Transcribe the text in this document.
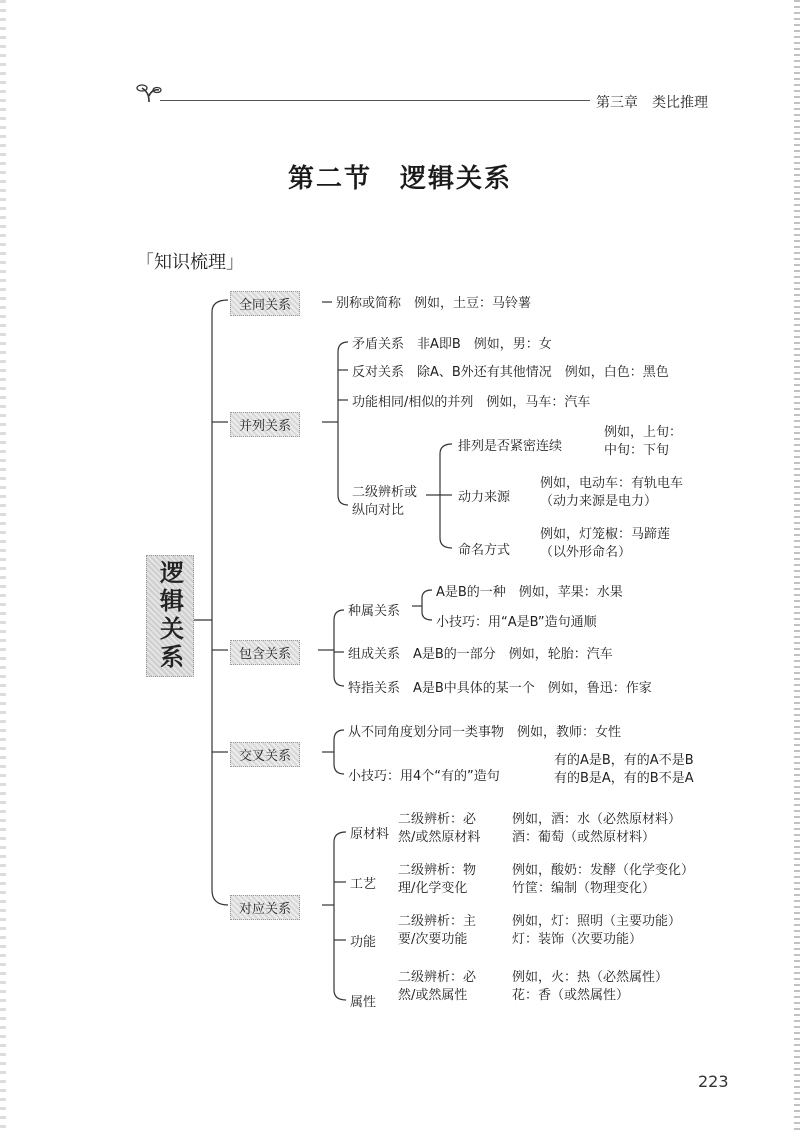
第三章　类比推理
第二节　逻辑关系
「知识梳理」
逻辑关系
全同关系	别称或简称　例如，土豆：马铃薯
并列关系
矛盾关系　非A即B　例如，男：女
反对关系　除A、B外还有其他情况　例如，白色：黑色
功能相同/相似的并列　例如，马车：汽车
二级辨析或
纵向对比
排列是否紧密连续
例如，上旬：
中旬：下旬
动力来源
例如，电动车：有轨电车
（动力来源是电力）
命名方式
例如，灯笼椒：马蹄莲
（以外形命名）
包含关系
种属关系
A是B的一种　例如，苹果：水果
小技巧：用“A是B”造句通顺
组成关系　A是B的一部分　例如，轮胎：汽车
特指关系　A是B中具体的某一个　例如，鲁迅：作家
交叉关系
从不同角度划分同一类事物　例如，教师：女性
小技巧：用4个“有的”造句
有的A是B，有的A不是B
有的B是A，有的B不是A
对应关系
原材料
二级辨析：必
然/或然原材料
例如，酒：水（必然原材料）
酒：葡萄（或然原材料）
工艺
二级辨析：物
理/化学变化
例如，酸奶：发酵（化学变化）
竹筐：编制（物理变化）
功能
二级辨析：主
要/次要功能
例如，灯：照明（主要功能）
灯：装饰（次要功能）
属性
二级辨析：必
然/或然属性
例如，火：热（必然属性）
花：香（或然属性）
223
